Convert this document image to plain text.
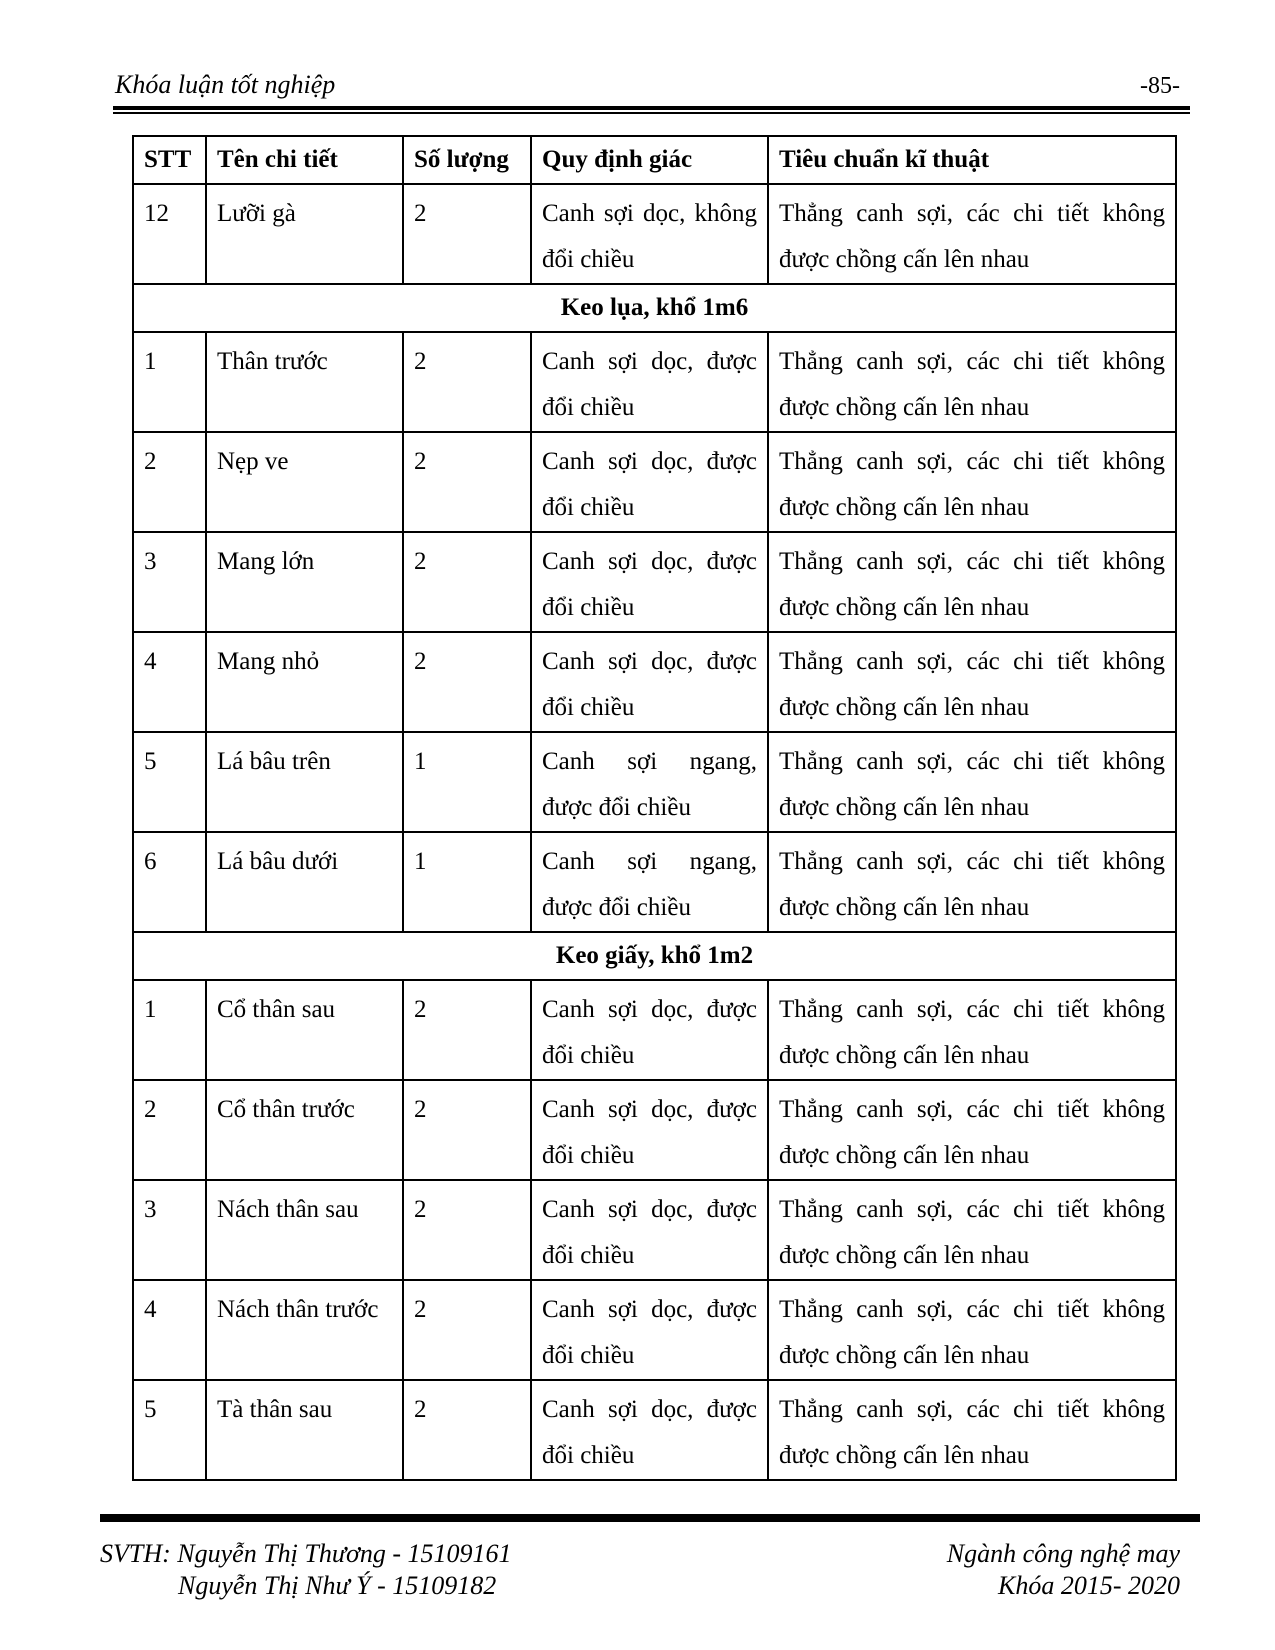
Khóa luận tốt nghiệp	-85-
STT	Tên chi tiết	Số lượng	Quy định giác	Tiêu chuẩn kĩ thuật
12	Lưỡi gà	2	Canh sợi dọc, không đổi chiều	Thẳng canh sợi, các chi tiết không được chồng cấn lên nhau
Keo lụa, khổ 1m6				
1	Thân trước	2	Canh sợi dọc, được đổi chiều	Thẳng canh sợi, các chi tiết không được chồng cấn lên nhau
2	Nẹp ve	2	Canh sợi dọc, được đổi chiều	Thẳng canh sợi, các chi tiết không được chồng cấn lên nhau
3	Mang lớn	2	Canh sợi dọc, được đổi chiều	Thẳng canh sợi, các chi tiết không được chồng cấn lên nhau
4	Mang nhỏ	2	Canh sợi dọc, được đổi chiều	Thẳng canh sợi, các chi tiết không được chồng cấn lên nhau
5	Lá bâu trên	1	Canh sợi ngang, được đổi chiều	Thẳng canh sợi, các chi tiết không được chồng cấn lên nhau
6	Lá bâu dưới	1	Canh sợi ngang, được đổi chiều	Thẳng canh sợi, các chi tiết không được chồng cấn lên nhau
Keo giấy, khổ 1m2				
1	Cổ thân sau	2	Canh sợi dọc, được đổi chiều	Thẳng canh sợi, các chi tiết không được chồng cấn lên nhau
2	Cổ thân trước	2	Canh sợi dọc, được đổi chiều	Thẳng canh sợi, các chi tiết không được chồng cấn lên nhau
3	Nách thân sau	2	Canh sợi dọc, được đổi chiều	Thẳng canh sợi, các chi tiết không được chồng cấn lên nhau
4	Nách thân trước	2	Canh sợi dọc, được đổi chiều	Thẳng canh sợi, các chi tiết không được chồng cấn lên nhau
5	Tà thân sau	2	Canh sợi dọc, được đổi chiều	Thẳng canh sợi, các chi tiết không được chồng cấn lên nhau
SVTH: Nguyễn Thị Thương - 15109161
Nguyễn Thị Như Ý - 15109182
Ngành công nghệ may
Khóa 2015- 2020
